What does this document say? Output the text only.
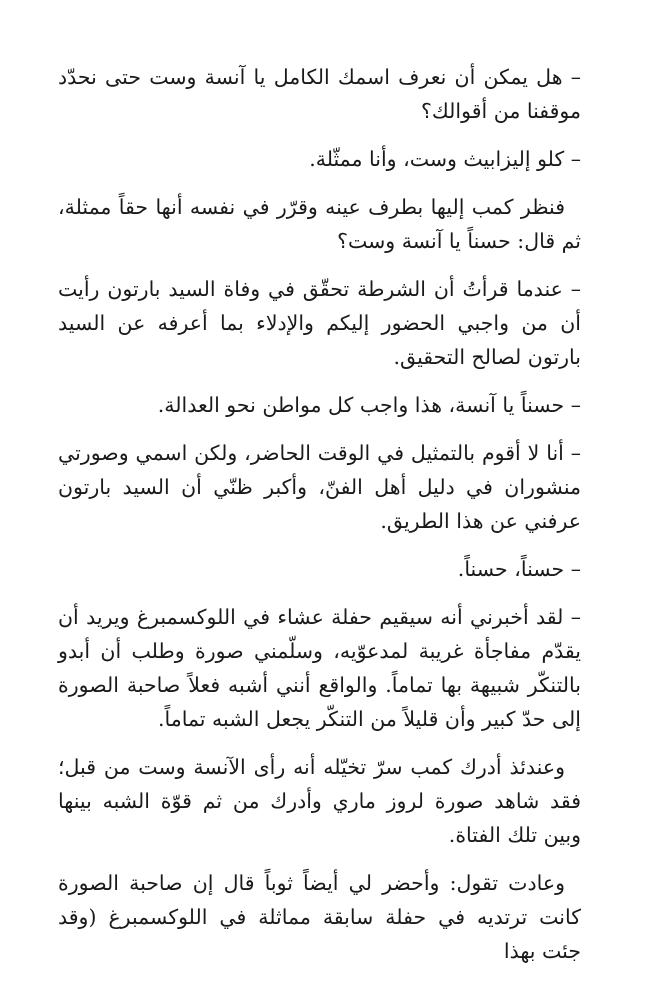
– هل يمكن أن نعرف اسمك الكامل يا آنسة وست حتى نحدّد موقفنا من أقوالك؟

– كلو إليزابيث وست، وأنا ممثّلة.

فنظر كمب إليها بطرف عينه وقرّر في نفسه أنها حقاً ممثلة، ثم قال: حسناً يا آنسة وست؟

– عندما قرأتُ أن الشرطة تحقّق في وفاة السيد بارتون رأيت أن من واجبي الحضور إليكم والإدلاء بما أعرفه عن السيد بارتون لصالح التحقيق.

– حسناً يا آنسة، هذا واجب كل مواطن نحو العدالة.

– أنا لا أقوم بالتمثيل في الوقت الحاضر، ولكن اسمي وصورتي منشوران في دليل أهل الفنّ، وأكبر ظنّي أن السيد بارتون عرفني عن هذا الطريق.

– حسناً، حسناً.

– لقد أخبرني أنه سيقيم حفلة عشاء في اللوكسمبرغ ويريد أن يقدّم مفاجأة غريبة لمدعوّيه، وسلّمني صورة وطلب أن أبدو بالتنكّر شبيهة بها تماماً. والواقع أنني أشبه فعلاً صاحبة الصورة إلى حدّ كبير وأن قليلاً من التنكّر يجعل الشبه تماماً.

وعندئذ أدرك كمب سرّ تخيّله أنه رأى الآنسة وست من قبل؛ فقد شاهد صورة لروز ماري وأدرك من ثم قوّة الشبه بينها وبين تلك الفتاة.

وعادت تقول: وأحضر لي أيضاً ثوباً قال إن صاحبة الصورة كانت ترتديه في حفلة سابقة مماثلة في اللوكسمبرغ (وقد جئت بهذا
